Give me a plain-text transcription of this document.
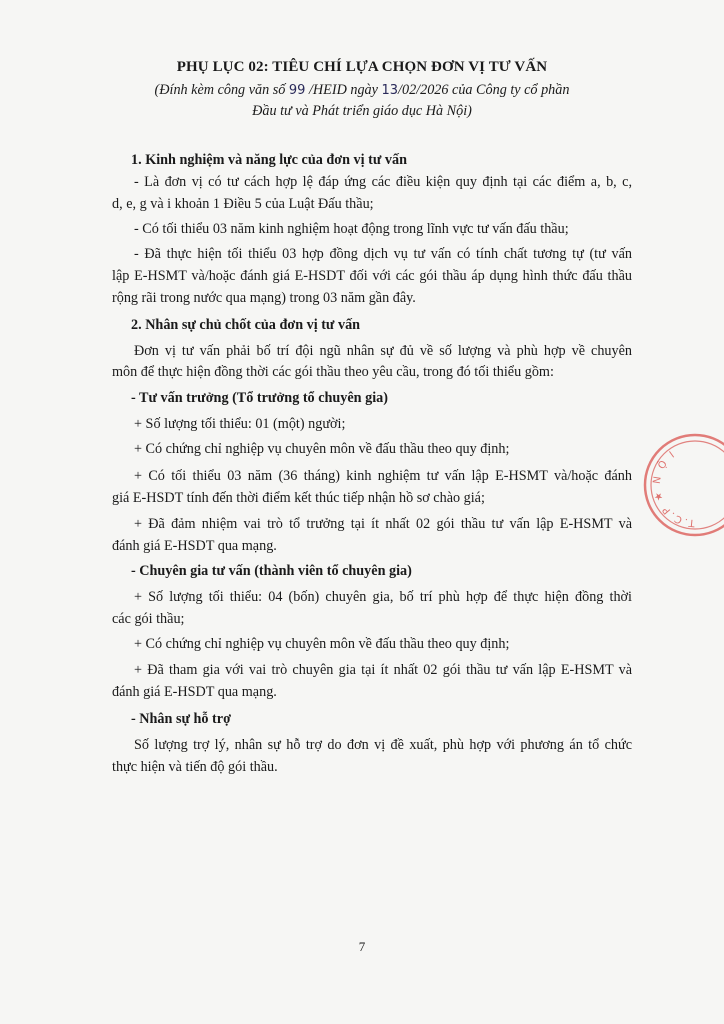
PHỤ LỤC 02: TIÊU CHÍ LỰA CHỌN ĐƠN VỊ TƯ VẤN
(Đính kèm công văn số 99 /HEID ngày 13/02/2026 của Công ty cổ phần
Đầu tư và Phát triển giáo dục Hà Nội)
1. Kinh nghiệm và năng lực của đơn vị tư vấn
- Là đơn vị có tư cách hợp lệ đáp ứng các điều kiện quy định tại các điểm a, b, c,
d, e, g và i khoản 1 Điều 5 của Luật Đấu thầu;
- Có tối thiểu 03 năm kinh nghiệm hoạt động trong lĩnh vực tư vấn đấu thầu;
- Đã thực hiện tối thiểu 03 hợp đồng dịch vụ tư vấn có tính chất tương tự (tư vấn
lập E-HSMT và/hoặc đánh giá E-HSDT đối với các gói thầu áp dụng hình thức đấu thầu
rộng rãi trong nước qua mạng) trong 03 năm gần đây.
2. Nhân sự chủ chốt của đơn vị tư vấn
Đơn vị tư vấn phải bố trí đội ngũ nhân sự đủ về số lượng và phù hợp về chuyên
môn để thực hiện đồng thời các gói thầu theo yêu cầu, trong đó tối thiểu gồm:
- Tư vấn trưởng (Tổ trưởng tổ chuyên gia)
+ Số lượng tối thiểu: 01 (một) người;
+ Có chứng chỉ nghiệp vụ chuyên môn về đấu thầu theo quy định;
+ Có tối thiểu 03 năm (36 tháng) kinh nghiệm tư vấn lập E-HSMT và/hoặc đánh
giá E-HSDT tính đến thời điểm kết thúc tiếp nhận hồ sơ chào giá;
+ Đã đảm nhiệm vai trò tổ trưởng tại ít nhất 02 gói thầu tư vấn lập E-HSMT và
đánh giá E-HSDT qua mạng.
- Chuyên gia tư vấn (thành viên tổ chuyên gia)
+ Số lượng tối thiểu: 04 (bốn) chuyên gia, bố trí phù hợp để thực hiện đồng thời
các gói thầu;
+ Có chứng chỉ nghiệp vụ chuyên môn về đấu thầu theo quy định;
+ Đã tham gia với vai trò chuyên gia tại ít nhất 02 gói thầu tư vấn lập E-HSMT và
đánh giá E-HSDT qua mạng.
- Nhân sự hỗ trợ
Số lượng trợ lý, nhân sự hỗ trợ do đơn vị đề xuất, phù hợp với phương án tổ chức
thực hiện và tiến độ gói thầu.
7
T.C.P ★ N Ộ I
